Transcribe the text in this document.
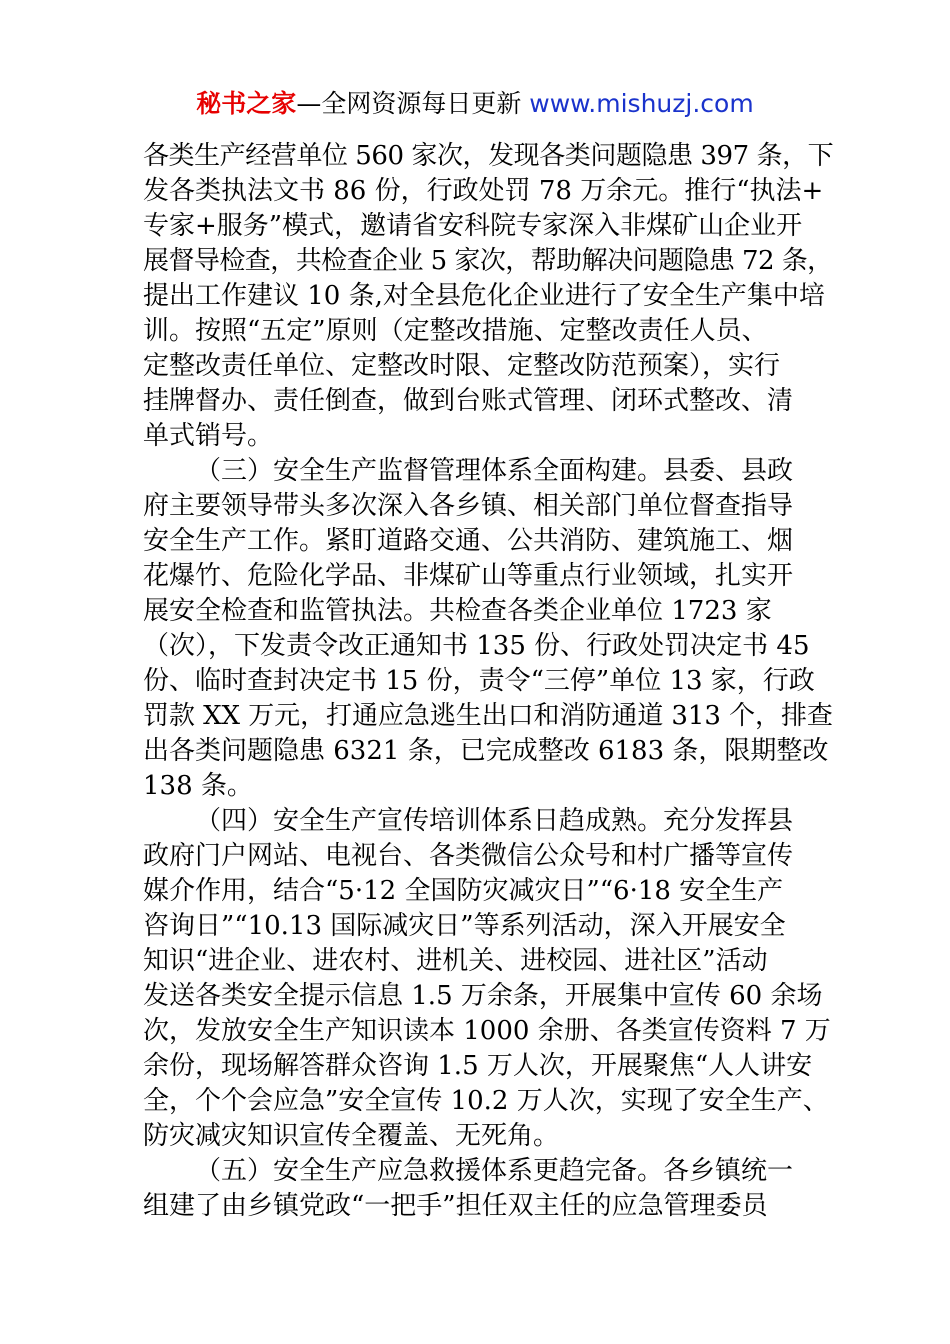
秘书之家—全网资源每日更新 www.mishuzj.com
各类生产经营单位 560 家次，发现各类问题隐患 397 条，下
发各类执法文书 86 份，行政处罚 78 万余元。推行“执法+
专家+服务”模式，邀请省安科院专家深入非煤矿山企业开
展督导检查，共检查企业 5 家次，帮助解决问题隐患 72 条，
提出工作建议 10 条,对全县危化企业进行了安全生产集中培
训。按照“五定”原则（定整改措施、定整改责任人员、
定整改责任单位、定整改时限、定整改防范预案），实行
挂牌督办、责任倒查，做到台账式管理、闭环式整改、清
单式销号。
（三）安全生产监督管理体系全面构建。县委、县政
府主要领导带头多次深入各乡镇、相关部门单位督查指导
安全生产工作。紧盯道路交通、公共消防、建筑施工、烟
花爆竹、危险化学品、非煤矿山等重点行业领域，扎实开
展安全检查和监管执法。共检查各类企业单位 1723 家
（次），下发责令改正通知书 135 份、行政处罚决定书 45
份、临时查封决定书 15 份，责令“三停”单位 13 家，行政
罚款 XX 万元，打通应急逃生出口和消防通道 313 个，排查
出各类问题隐患 6321 条，已完成整改 6183 条，限期整改
138 条。
（四）安全生产宣传培训体系日趋成熟。充分发挥县
政府门户网站、电视台、各类微信公众号和村广播等宣传
媒介作用，结合“5·12 全国防灾减灾日”“6·18 安全生产
咨询日”“10.13 国际减灾日”等系列活动，深入开展安全
知识“进企业、进农村、进机关、进校园、进社区”活动
发送各类安全提示信息 1.5 万余条，开展集中宣传 60 余场
次，发放安全生产知识读本 1000 余册、各类宣传资料 7 万
余份，现场解答群众咨询 1.5 万人次，开展聚焦“人人讲安
全，个个会应急”安全宣传 10.2 万人次，实现了安全生产、
防灾减灾知识宣传全覆盖、无死角。
（五）安全生产应急救援体系更趋完备。各乡镇统一
组建了由乡镇党政“一把手”担任双主任的应急管理委员
